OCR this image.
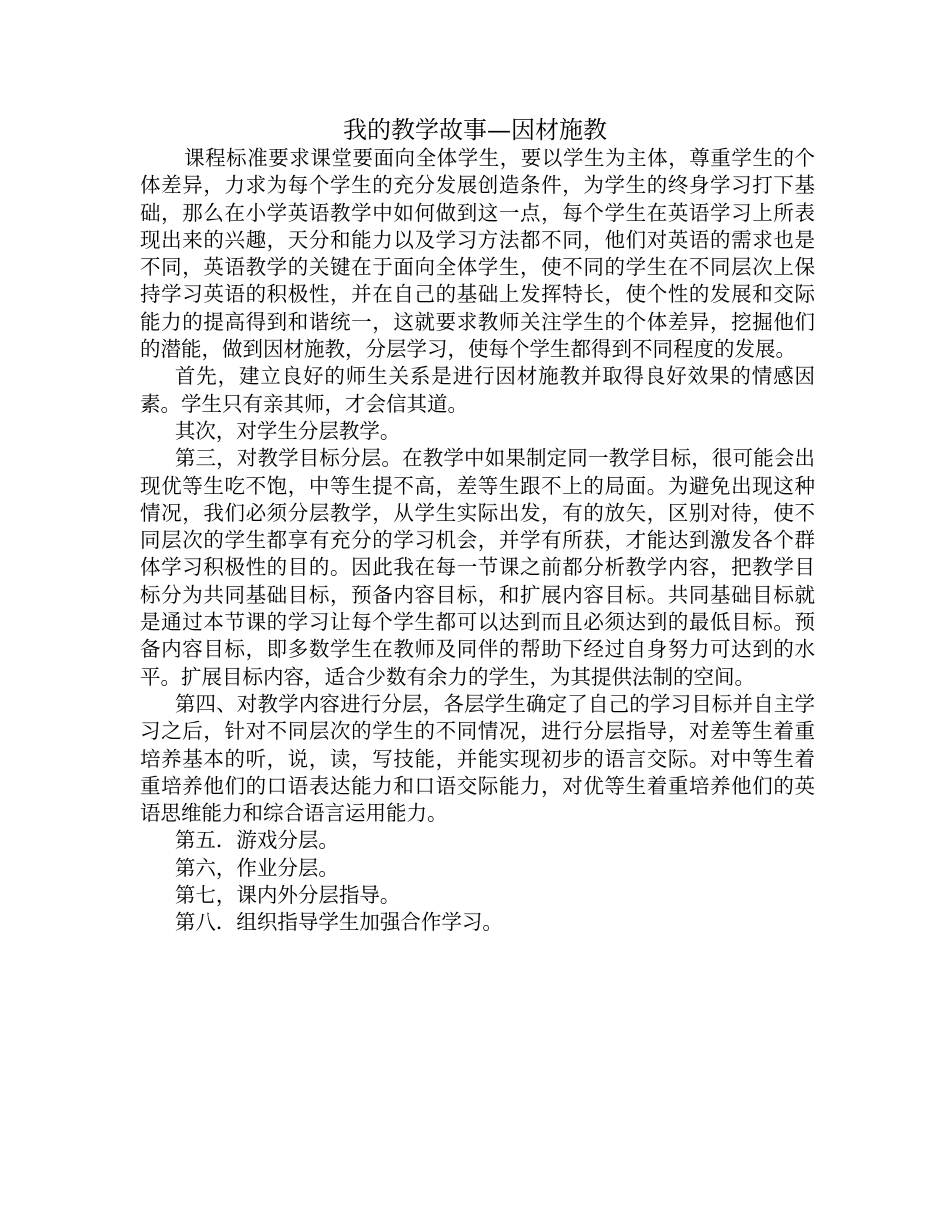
我的教学故事—因材施教

课程标准要求课堂要面向全体学生，要以学生为主体，尊重学生的个体差异，力求为每个学生的充分发展创造条件，为学生的终身学习打下基础，那么在小学英语教学中如何做到这一点，每个学生在英语学习上所表现出来的兴趣，天分和能力以及学习方法都不同，他们对英语的需求也是不同，英语教学的关键在于面向全体学生，使不同的学生在不同层次上保持学习英语的积极性，并在自己的基础上发挥特长，使个性的发展和交际能力的提高得到和谐统一，这就要求教师关注学生的个体差异，挖掘他们的潜能，做到因材施教，分层学习，使每个学生都得到不同程度的发展。

首先，建立良好的师生关系是进行因材施教并取得良好效果的情感因素。学生只有亲其师，才会信其道。

其次，对学生分层教学。

第三，对教学目标分层。在教学中如果制定同一教学目标，很可能会出现优等生吃不饱，中等生提不高，差等生跟不上的局面。为避免出现这种情况，我们必须分层教学，从学生实际出发，有的放矢，区别对待，使不同层次的学生都享有充分的学习机会，并学有所获，才能达到激发各个群体学习积极性的目的。因此我在每一节课之前都分析教学内容，把教学目标分为共同基础目标，预备内容目标，和扩展内容目标。共同基础目标就是通过本节课的学习让每个学生都可以达到而且必须达到的最低目标。预备内容目标，即多数学生在教师及同伴的帮助下经过自身努力可达到的水平。扩展目标内容，适合少数有余力的学生，为其提供法制的空间。

第四、对教学内容进行分层，各层学生确定了自己的学习目标并自主学习之后，针对不同层次的学生的不同情况，进行分层指导，对差等生着重培养基本的听，说，读，写技能，并能实现初步的语言交际。对中等生着重培养他们的口语表达能力和口语交际能力，对优等生着重培养他们的英语思维能力和综合语言运用能力。

第五．游戏分层。

第六，作业分层。

第七，课内外分层指导。

第八．组织指导学生加强合作学习。
